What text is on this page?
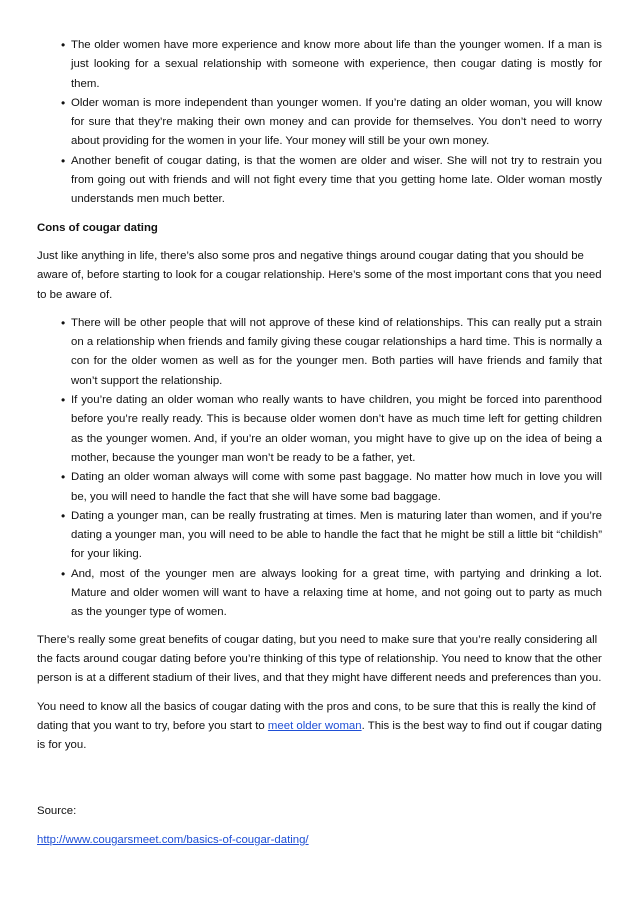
• The older women have more experience and know more about life than the younger women. If a man is just looking for a sexual relationship with someone with experience, then cougar dating is mostly for them.
• Older woman is more independent than younger women. If you’re dating an older woman, you will know for sure that they’re making their own money and can provide for themselves. You don’t need to worry about providing for the women in your life. Your money will still be your own money.
• Another benefit of cougar dating, is that the women are older and wiser. She will not try to restrain you from going out with friends and will not fight every time that you getting home late. Older woman mostly understands men much better.

Cons of cougar dating

Just like anything in life, there’s also some pros and negative things around cougar dating that you should be aware of, before starting to look for a cougar relationship. Here’s some of the most important cons that you need to be aware of.

• There will be other people that will not approve of these kind of relationships. This can really put a strain on a relationship when friends and family giving these cougar relationships a hard time. This is normally a con for the older women as well as for the younger men. Both parties will have friends and family that won’t support the relationship.
• If you’re dating an older woman who really wants to have children, you might be forced into parenthood before you’re really ready. This is because older women don’t have as much time left for getting children as the younger women. And, if you’re an older woman, you might have to give up on the idea of being a mother, because the younger man won’t be ready to be a father, yet.
• Dating an older woman always will come with some past baggage. No matter how much in love you will be, you will need to handle the fact that she will have some bad baggage.
• Dating a younger man, can be really frustrating at times. Men is maturing later than women, and if you’re dating a younger man, you will need to be able to handle the fact that he might be still a little bit “childish” for your liking.
• And, most of the younger men are always looking for a great time, with partying and drinking a lot. Mature and older women will want to have a relaxing time at home, and not going out to party as much as the younger type of women.

There’s really some great benefits of cougar dating, but you need to make sure that you’re really considering all the facts around cougar dating before you’re thinking of this type of relationship. You need to know that the other person is at a different stadium of their lives, and that they might have different needs and preferences than you.

You need to know all the basics of cougar dating with the pros and cons, to be sure that this is really the kind of dating that you want to try, before you start to meet older woman. This is the best way to find out if cougar dating is for you.

Source:

http://www.cougarsmeet.com/basics-of-cougar-dating/
